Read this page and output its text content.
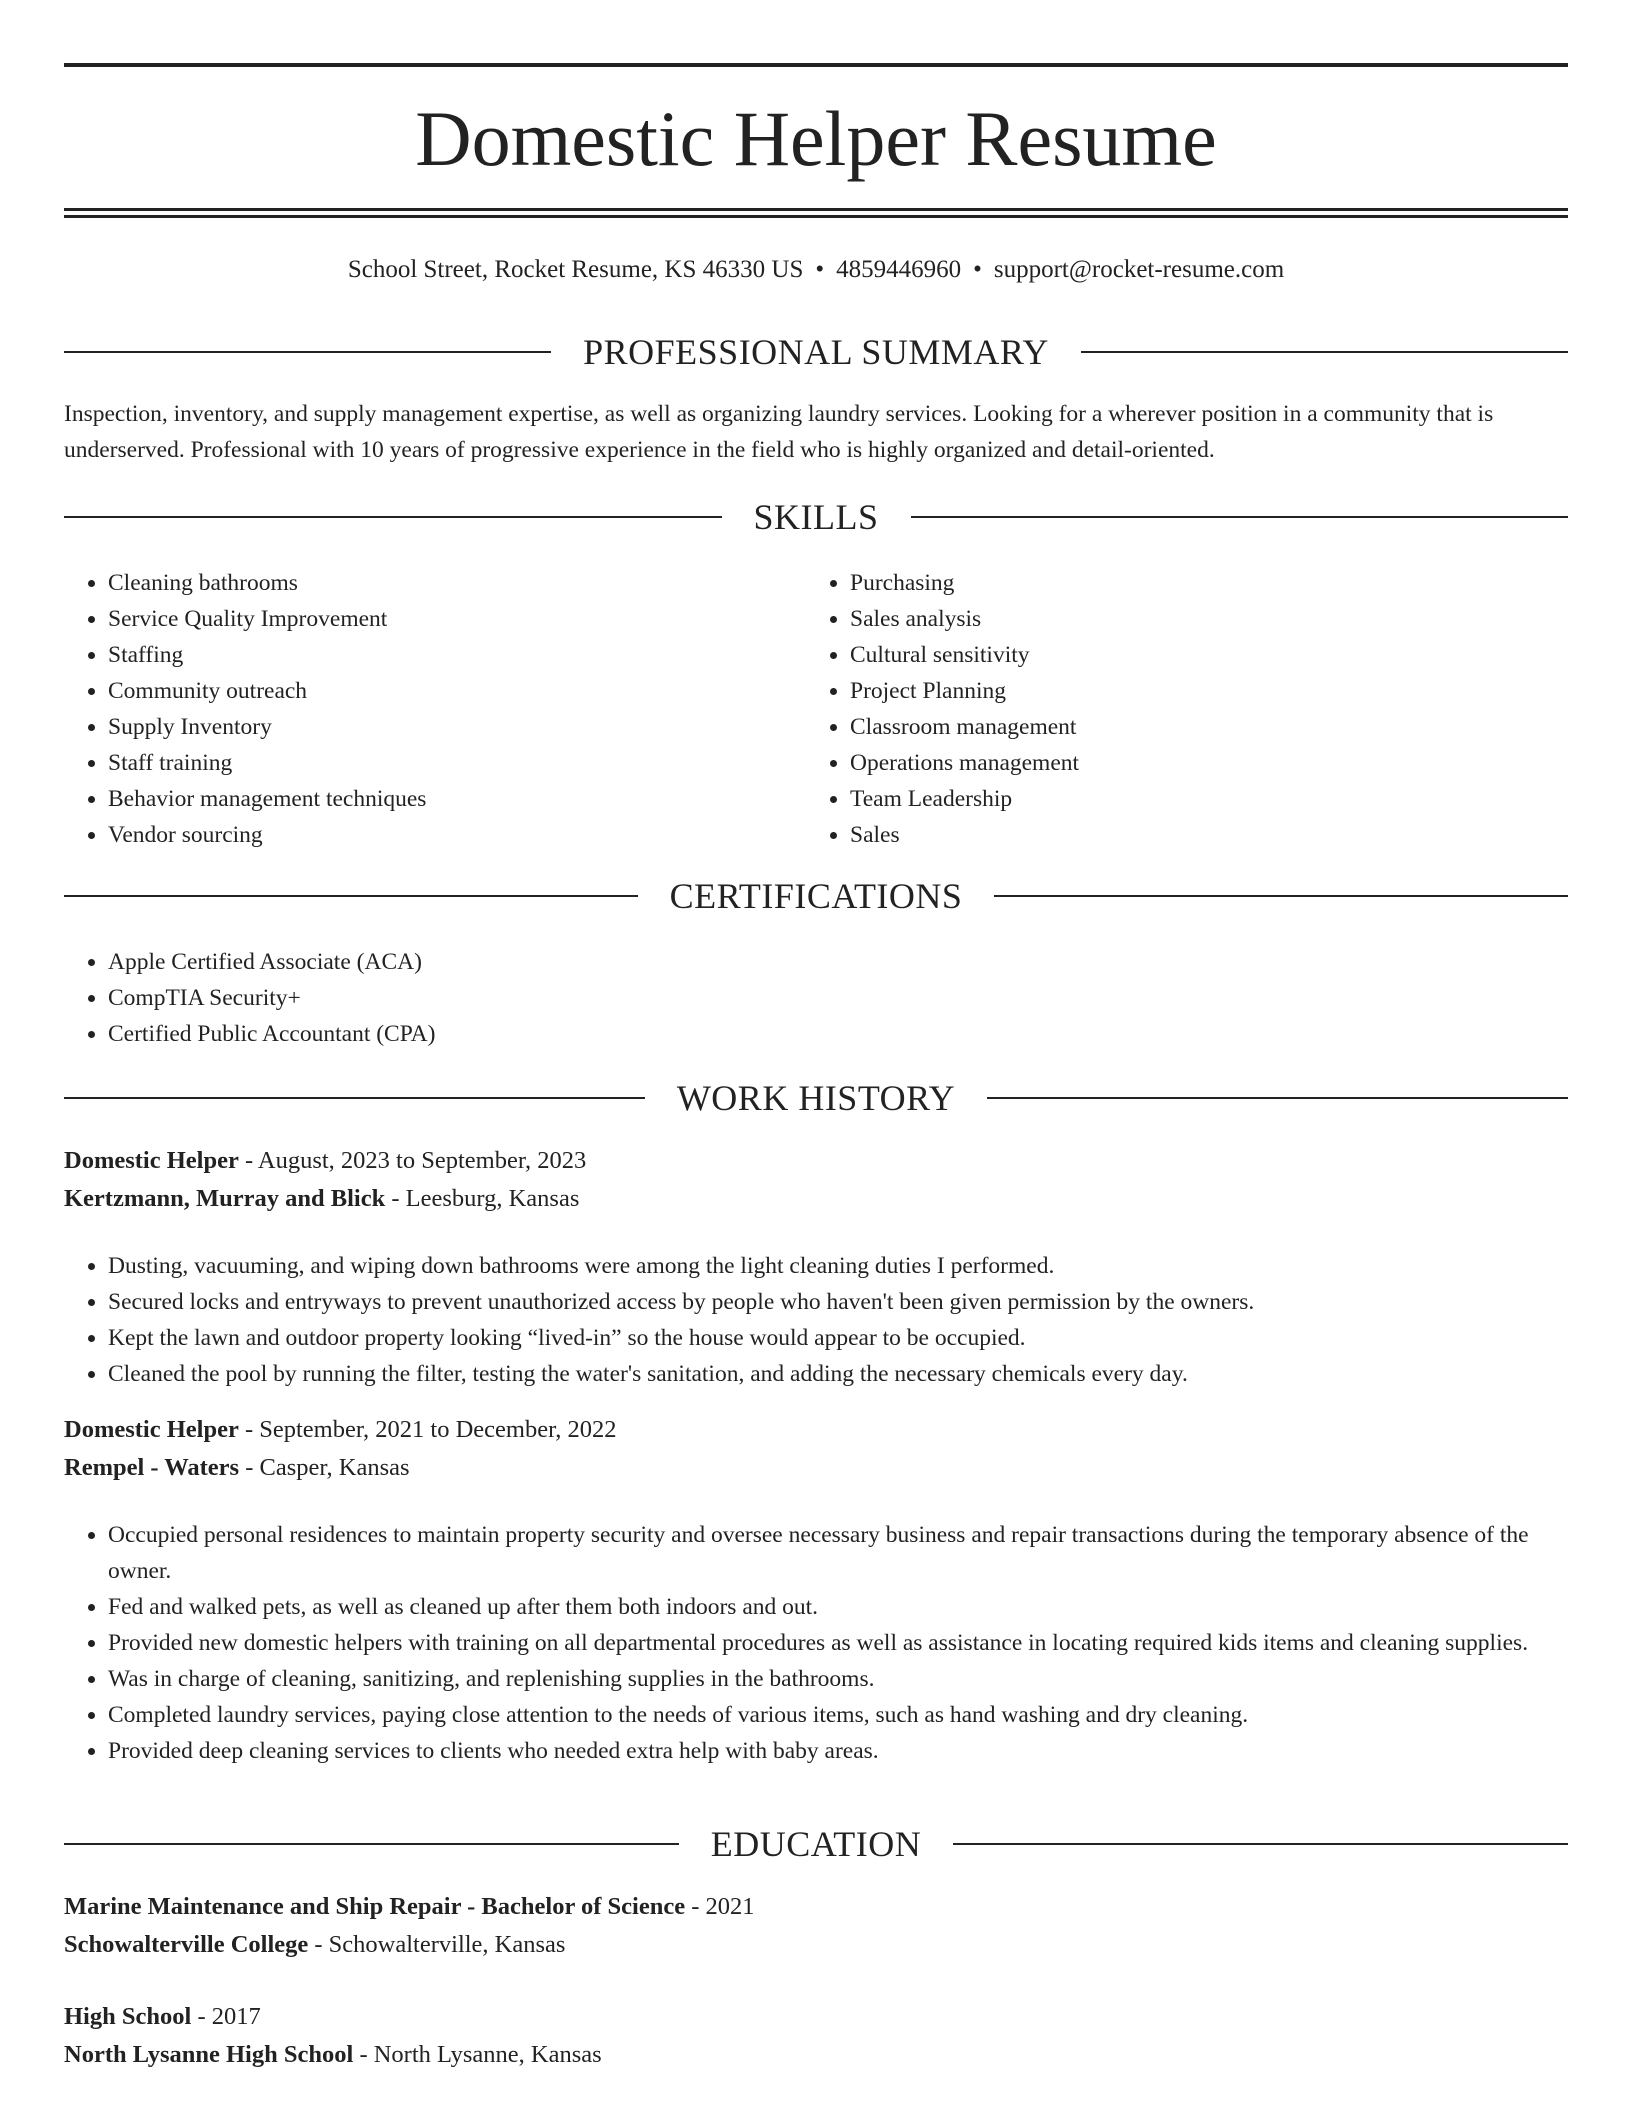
Domestic Helper Resume
School Street, Rocket Resume, KS 46330 US • 4859446960 • support@rocket-resume.com
PROFESSIONAL SUMMARY
Inspection, inventory, and supply management expertise, as well as organizing laundry services. Looking for a wherever position in a community that is underserved. Professional with 10 years of progressive experience in the field who is highly organized and detail-oriented.
SKILLS
• Cleaning bathrooms
• Service Quality Improvement
• Staffing
• Community outreach
• Supply Inventory
• Staff training
• Behavior management techniques
• Vendor sourcing
• Purchasing
• Sales analysis
• Cultural sensitivity
• Project Planning
• Classroom management
• Operations management
• Team Leadership
• Sales
CERTIFICATIONS
• Apple Certified Associate (ACA)
• CompTIA Security+
• Certified Public Accountant (CPA)
WORK HISTORY
Domestic Helper - August, 2023 to September, 2023
Kertzmann, Murray and Blick - Leesburg, Kansas
• Dusting, vacuuming, and wiping down bathrooms were among the light cleaning duties I performed.
• Secured locks and entryways to prevent unauthorized access by people who haven't been given permission by the owners.
• Kept the lawn and outdoor property looking “lived-in” so the house would appear to be occupied.
• Cleaned the pool by running the filter, testing the water's sanitation, and adding the necessary chemicals every day.
Domestic Helper - September, 2021 to December, 2022
Rempel - Waters - Casper, Kansas
• Occupied personal residences to maintain property security and oversee necessary business and repair transactions during the temporary absence of the owner.
• Fed and walked pets, as well as cleaned up after them both indoors and out.
• Provided new domestic helpers with training on all departmental procedures as well as assistance in locating required kids items and cleaning supplies.
• Was in charge of cleaning, sanitizing, and replenishing supplies in the bathrooms.
• Completed laundry services, paying close attention to the needs of various items, such as hand washing and dry cleaning.
• Provided deep cleaning services to clients who needed extra help with baby areas.
EDUCATION
Marine Maintenance and Ship Repair - Bachelor of Science - 2021
Schowalterville College - Schowalterville, Kansas
High School - 2017
North Lysanne High School - North Lysanne, Kansas
